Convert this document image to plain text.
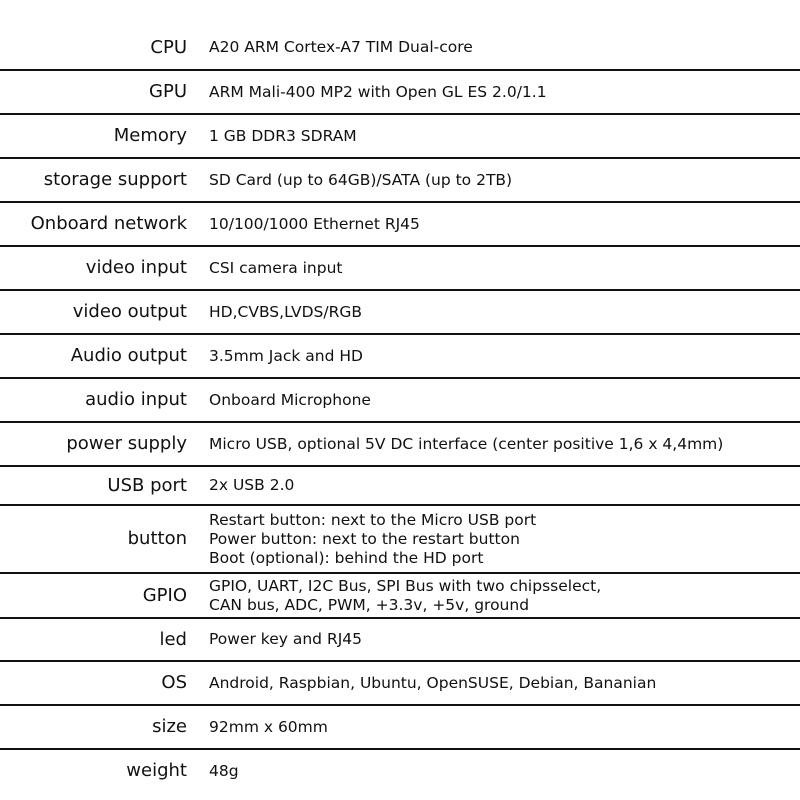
CPU A20 ARM Cortex-A7 TIM Dual-core
GPU ARM Mali-400 MP2 with Open GL ES 2.0/1.1
Memory 1 GB DDR3 SDRAM
storage support SD Card (up to 64GB)/SATA (up to 2TB)
Onboard network 10/100/1000 Ethernet RJ45
video input CSI camera input
video output HD,CVBS,LVDS/RGB
Audio output 3.5mm Jack and HD
audio input Onboard Microphone
power supply Micro USB, optional 5V DC interface (center positive 1,6 x 4,4mm)
USB port 2x USB 2.0
button
Restart button: next to the Micro USB port
Power button: next to the restart button
Boot (optional): behind the HD port
GPIO GPIO, UART, I2C Bus, SPI Bus with two chipsselect,
CAN bus, ADC, PWM, +3.3v, +5v, ground
led Power key and RJ45
OS Android, Raspbian, Ubuntu, OpenSUSE, Debian, Bananian
size 92mm x 60mm
weight 48g
